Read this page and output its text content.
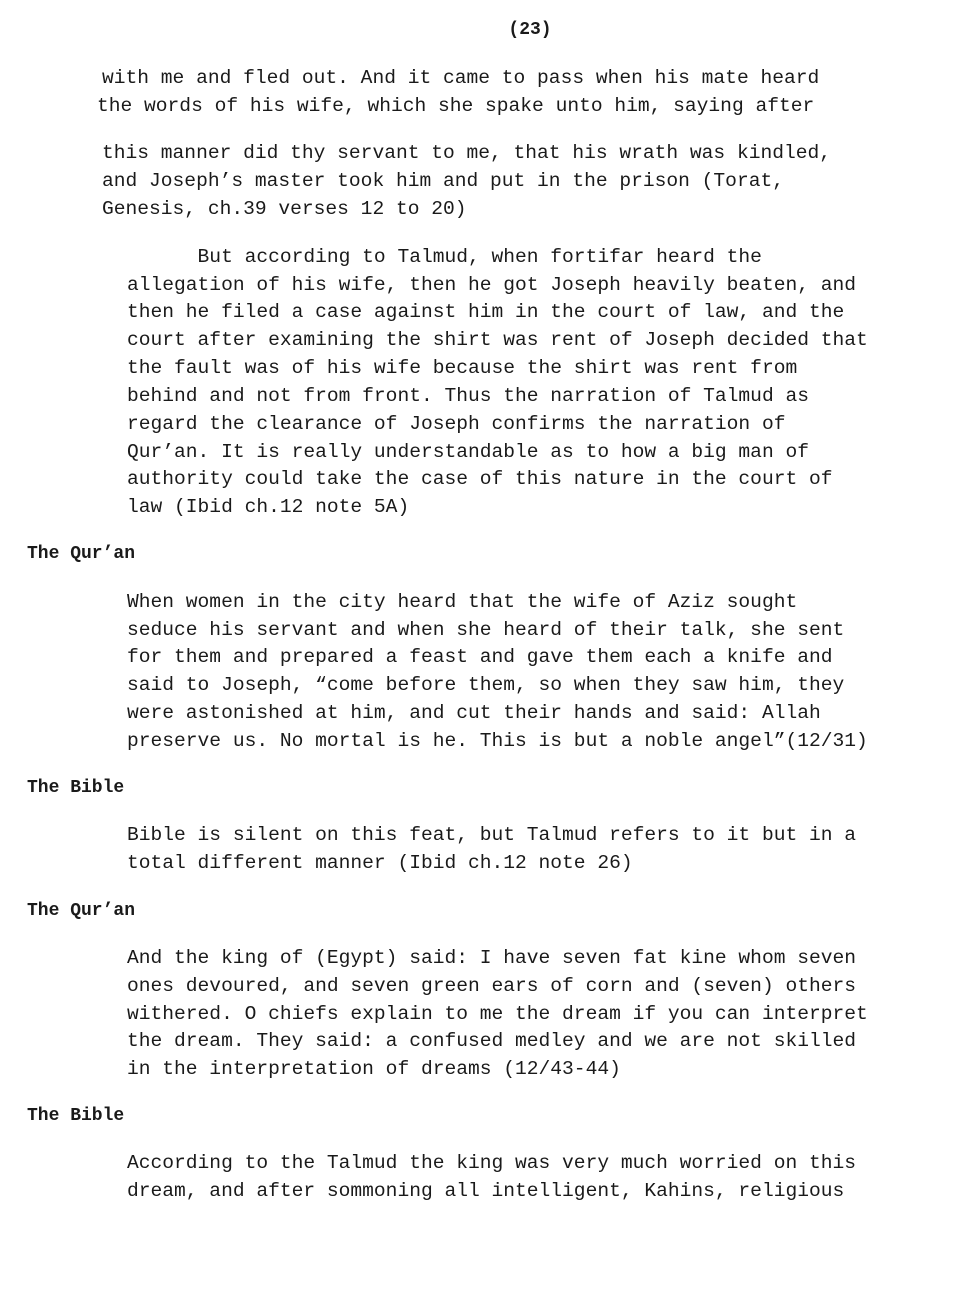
(23)
with me and fled out. And it came to pass when his mate heard
the words of his wife, which she spake unto him, saying after
this manner did thy servant to me, that his wrath was kindled,
and Joseph’s master took him and put in the prison (Torat,
Genesis, ch.39 verses 12 to 20)
But according to Talmud, when fortifar heard the
allegation of his wife, then he got Joseph heavily beaten, and
then he filed a case against him in the court of law, and the
court after examining the shirt was rent of Joseph decided that
the fault was of his wife because the shirt was rent from
behind and not from front. Thus the narration of Talmud as
regard the clearance of Joseph confirms the narration of
Qur’an. It is really understandable as to how a big man of
authority could take the case of this nature in the court of
law (Ibid ch.12 note 5A)
The Qur’an
When women in the city heard that the wife of Aziz sought
seduce his servant and when she heard of their talk, she sent
for them and prepared a feast and gave them each a knife and
said to Joseph, “come before them, so when they saw him, they
were astonished at him, and cut their hands and said: Allah
preserve us. No mortal is he. This is but a noble angel”(12/31)
The Bible
Bible is silent on this feat, but Talmud refers to it but in a
total different manner (Ibid ch.12 note 26)
The Qur’an
And the king of (Egypt) said: I have seven fat kine whom seven
ones devoured, and seven green ears of corn and (seven) others
withered. O chiefs explain to me the dream if you can interpret
the dream. They said: a confused medley and we are not skilled
in the interpretation of dreams (12/43-44)
The Bible
According to the Talmud the king was very much worried on this
dream, and after sommoning all intelligent, Kahins, religious
